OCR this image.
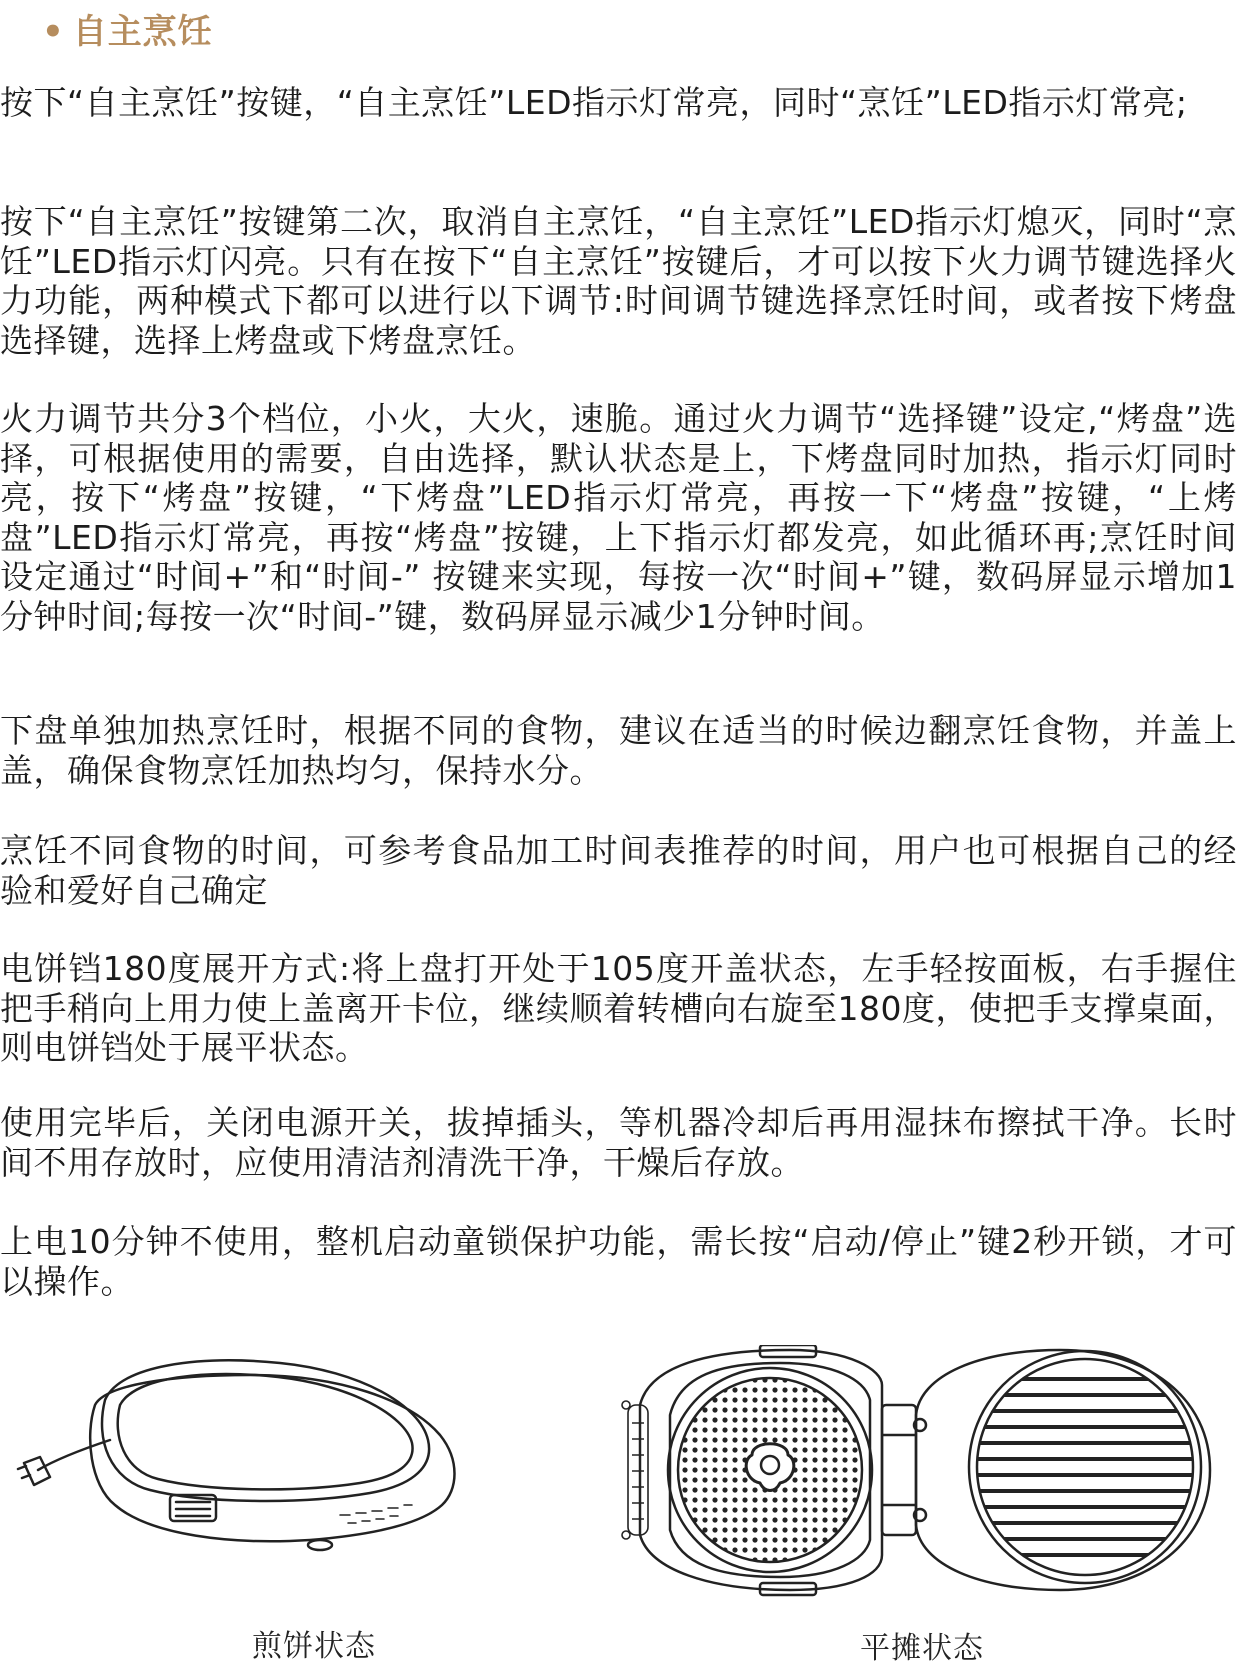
• 自主烹饪

按下“自主烹饪”按键，“自主烹饪”LED指示灯常亮，同时“烹饪”LED指示灯常亮;

按下“自主烹饪”按键第二次，取消自主烹饪，“自主烹饪”LED指示灯熄灭，同时“烹饪”LED指示灯闪亮。只有在按下“自主烹饪”按键后，才可以按下火力调节键选择火力功能，两种模式下都可以进行以下调节:时间调节键选择烹饪时间，或者按下烤盘选择键，选择上烤盘或下烤盘烹饪。

火力调节共分3个档位，小火，大火，速脆。通过火力调节“选择键”设定,“烤盘”选择，可根据使用的需要，自由选择，默认状态是上，下烤盘同时加热，指示灯同时亮，按下“烤盘”按键，“下烤盘”LED指示灯常亮，再按一下“烤盘”按键，“上烤盘”LED指示灯常亮，再按“烤盘”按键，上下指示灯都发亮，如此循环再;烹饪时间 设定通过“时间+”和“时间-” 按键来实现，每按一次“时间+”键，数码屏显示增加1分钟时间;每按一次“时间-”键，数码屏显示减少1分钟时间。

下盘单独加热烹饪时，根据不同的食物，建议在适当的时候边翻烹饪食物，并盖上盖，确保食物烹饪加热均匀，保持水分。

烹饪不同食物的时间，可参考食品加工时间表推荐的时间，用户也可根据自己的经验和爱好自己确定

电饼铛180度展开方式:将上盘打开处于105度开盖状态，左手轻按面板，右手握住把手稍向上用力使上盖离开卡位，继续顺着转槽向右旋至180度，使把手支撑桌面，则电饼铛处于展平状态。

使用完毕后，关闭电源开关，拔掉插头，等机器冷却后再用湿抹布擦拭干净。长时间不用存放时，应使用清洁剂清洗干净，干燥后存放。

上电10分钟不使用，整机启动童锁保护功能，需长按“启动/停止”键2秒开锁，才可以操作。

煎饼状态	平摊状态
